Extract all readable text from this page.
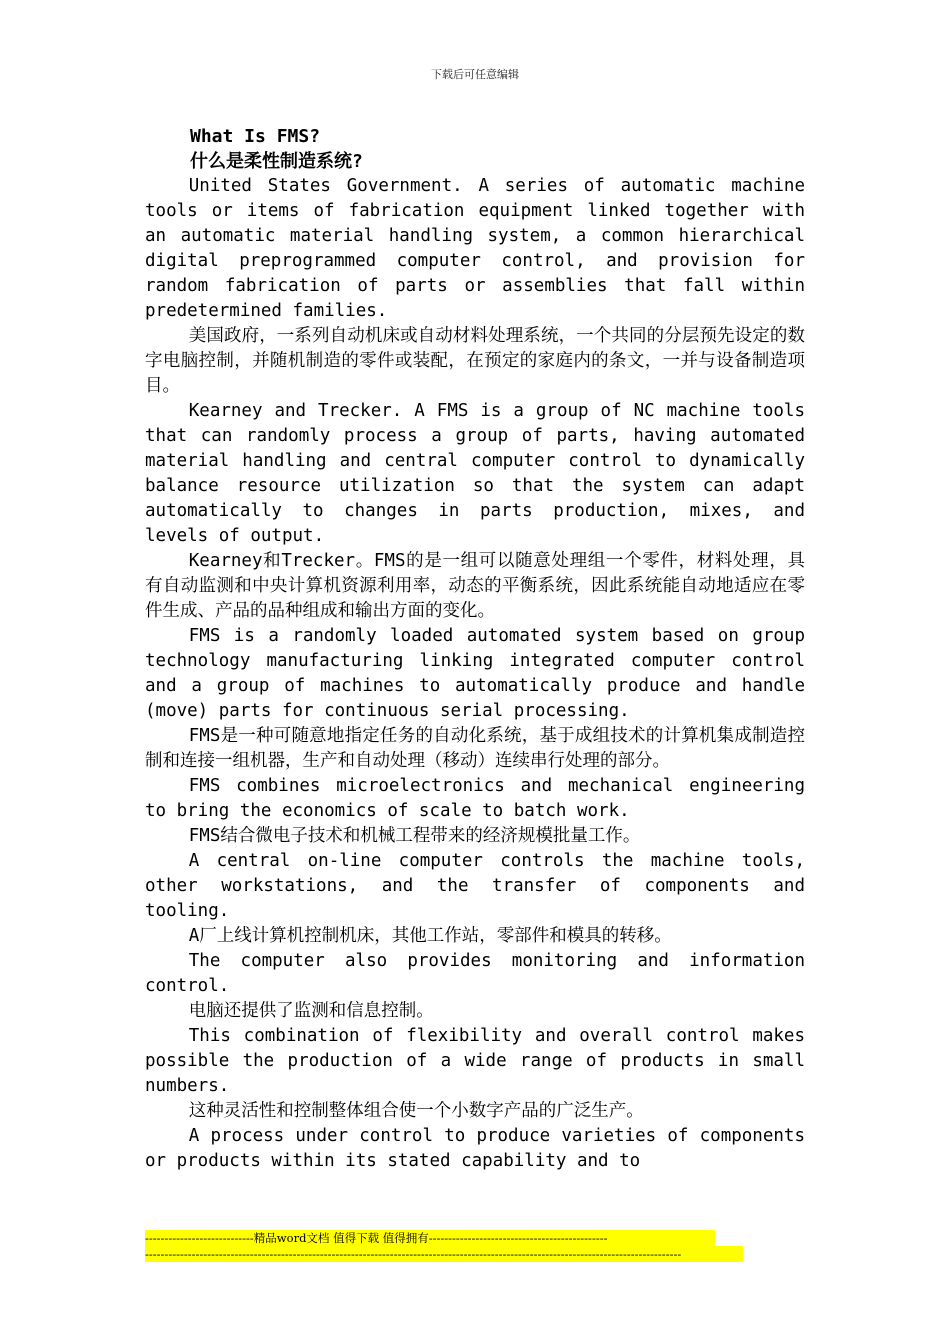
下载后可任意编辑

What Is FMS?

什么是柔性制造系统?

United States Government. A series of automatic machine tools or items of fabrication equipment linked together with an automatic material handling system, a common hierarchical digital preprogrammed computer control, and provision for random fabrication of parts or assemblies that fall within predetermined families.

美国政府，一系列自动机床或自动材料处理系统，一个共同的分层预先设定的数字电脑控制，并随机制造的零件或装配，在预定的家庭内的条文，一并与设备制造项目。

Kearney and Trecker. A FMS is a group of NC machine tools that can randomly process a group of parts, having automated material handling and central computer control to dynamically balance resource utilization so that the system can adapt automatically to changes in parts production, mixes, and levels of output.

Kearney和Trecker。FMS的是一组可以随意处理组一个零件，材料处理，具有自动监测和中央计算机资源利用率，动态的平衡系统，因此系统能自动地适应在零件生成、产品的品种组成和输出方面的变化。

FMS is a randomly loaded automated system based on group technology manufacturing linking integrated computer control and a group of machines to automatically produce and handle (move) parts for continuous serial processing.

FMS是一种可随意地指定任务的自动化系统，基于成组技术的计算机集成制造控制和连接一组机器，生产和自动处理（移动）连续串行处理的部分。

FMS combines microelectronics and mechanical engineering to bring the economics of scale to batch work.

FMS结合微电子技术和机械工程带来的经济规模批量工作。

A central on-line computer controls the machine tools, other workstations, and the transfer of components and tooling.

A厂上线计算机控制机床，其他工作站，零部件和模具的转移。

The computer also provides monitoring and information control.

电脑还提供了监测和信息控制。

This combination of flexibility and overall control makes possible the production of a wide range of products in small numbers.

这种灵活性和控制整体组合使一个小数字产品的广泛生产。

A process under control to produce varieties of components or products within its stated capability and to

----------------------------精品word文档 值得下载 值得拥有----------------------------------------------
------------------------------------------------------------------------------------------------------------------------------------------
